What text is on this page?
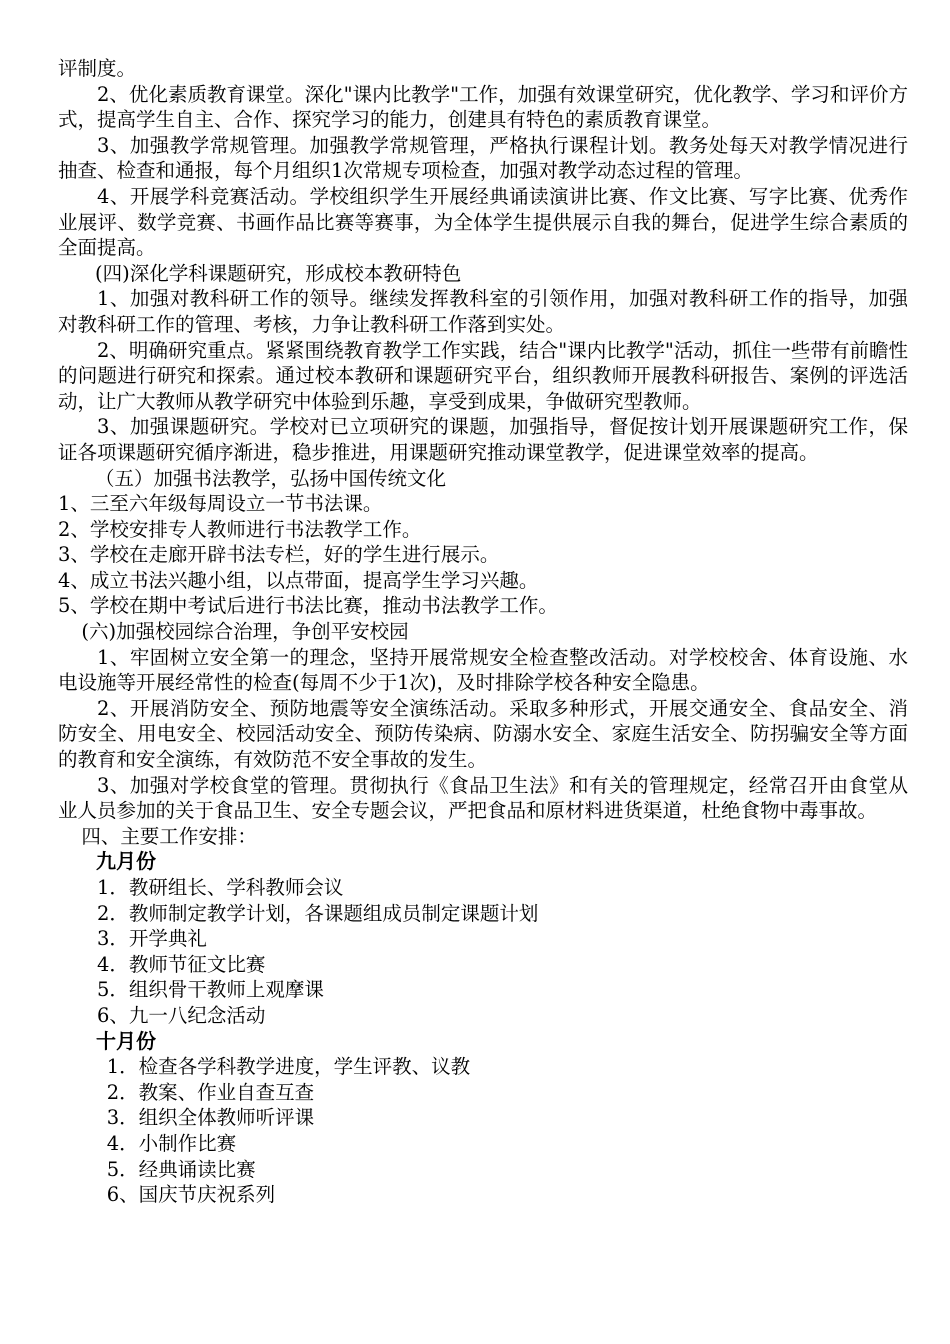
评制度。

2、优化素质教育课堂。深化"课内比教学"工作，加强有效课堂研究，优化教学、学习和评价方式，提高学生自主、合作、探究学习的能力，创建具有特色的素质教育课堂。

3、加强教学常规管理。加强教学常规管理，严格执行课程计划。教务处每天对教学情况进行抽查、检查和通报，每个月组织1次常规专项检查，加强对教学动态过程的管理。

4、开展学科竞赛活动。学校组织学生开展经典诵读演讲比赛、作文比赛、写字比赛、优秀作业展评、数学竞赛、书画作品比赛等赛事，为全体学生提供展示自我的舞台，促进学生综合素质的全面提高。

(四)深化学科课题研究，形成校本教研特色

1、加强对教科研工作的领导。继续发挥教科室的引领作用，加强对教科研工作的指导，加强对教科研工作的管理、考核，力争让教科研工作落到实处。

2、明确研究重点。紧紧围绕教育教学工作实践，结合"课内比教学"活动，抓住一些带有前瞻性的问题进行研究和探索。通过校本教研和课题研究平台，组织教师开展教科研报告、案例的评选活动，让广大教师从教学研究中体验到乐趣，享受到成果，争做研究型教师。

3、加强课题研究。学校对已立项研究的课题，加强指导，督促按计划开展课题研究工作，保证各项课题研究循序渐进，稳步推进，用课题研究推动课堂教学，促进课堂效率的提高。

（五）加强书法教学，弘扬中国传统文化

1、三至六年级每周设立一节书法课。

2、学校安排专人教师进行书法教学工作。

3、学校在走廊开辟书法专栏，好的学生进行展示。

4、成立书法兴趣小组，以点带面，提高学生学习兴趣。

5、学校在期中考试后进行书法比赛，推动书法教学工作。

(六)加强校园综合治理，争创平安校园

1、牢固树立安全第一的理念，坚持开展常规安全检查整改活动。对学校校舍、体育设施、水电设施等开展经常性的检查(每周不少于1次)，及时排除学校各种安全隐患。

2、开展消防安全、预防地震等安全演练活动。采取多种形式，开展交通安全、食品安全、消防安全、用电安全、校园活动安全、预防传染病、防溺水安全、家庭生活安全、防拐骗安全等方面的教育和安全演练，有效防范不安全事故的发生。

3、加强对学校食堂的管理。贯彻执行《食品卫生法》和有关的管理规定，经常召开由食堂从业人员参加的关于食品卫生、安全专题会议，严把食品和原材料进货渠道，杜绝食物中毒事故。

四、主要工作安排：

九月份

1．教研组长、学科教师会议

2．教师制定教学计划，各课题组成员制定课题计划

3．开学典礼

4．教师节征文比赛

5．组织骨干教师上观摩课

6、九一八纪念活动

十月份

1．检查各学科教学进度，学生评教、议教

2．教案、作业自查互查

3．组织全体教师听评课

4．小制作比赛

5．经典诵读比赛

6、国庆节庆祝系列
